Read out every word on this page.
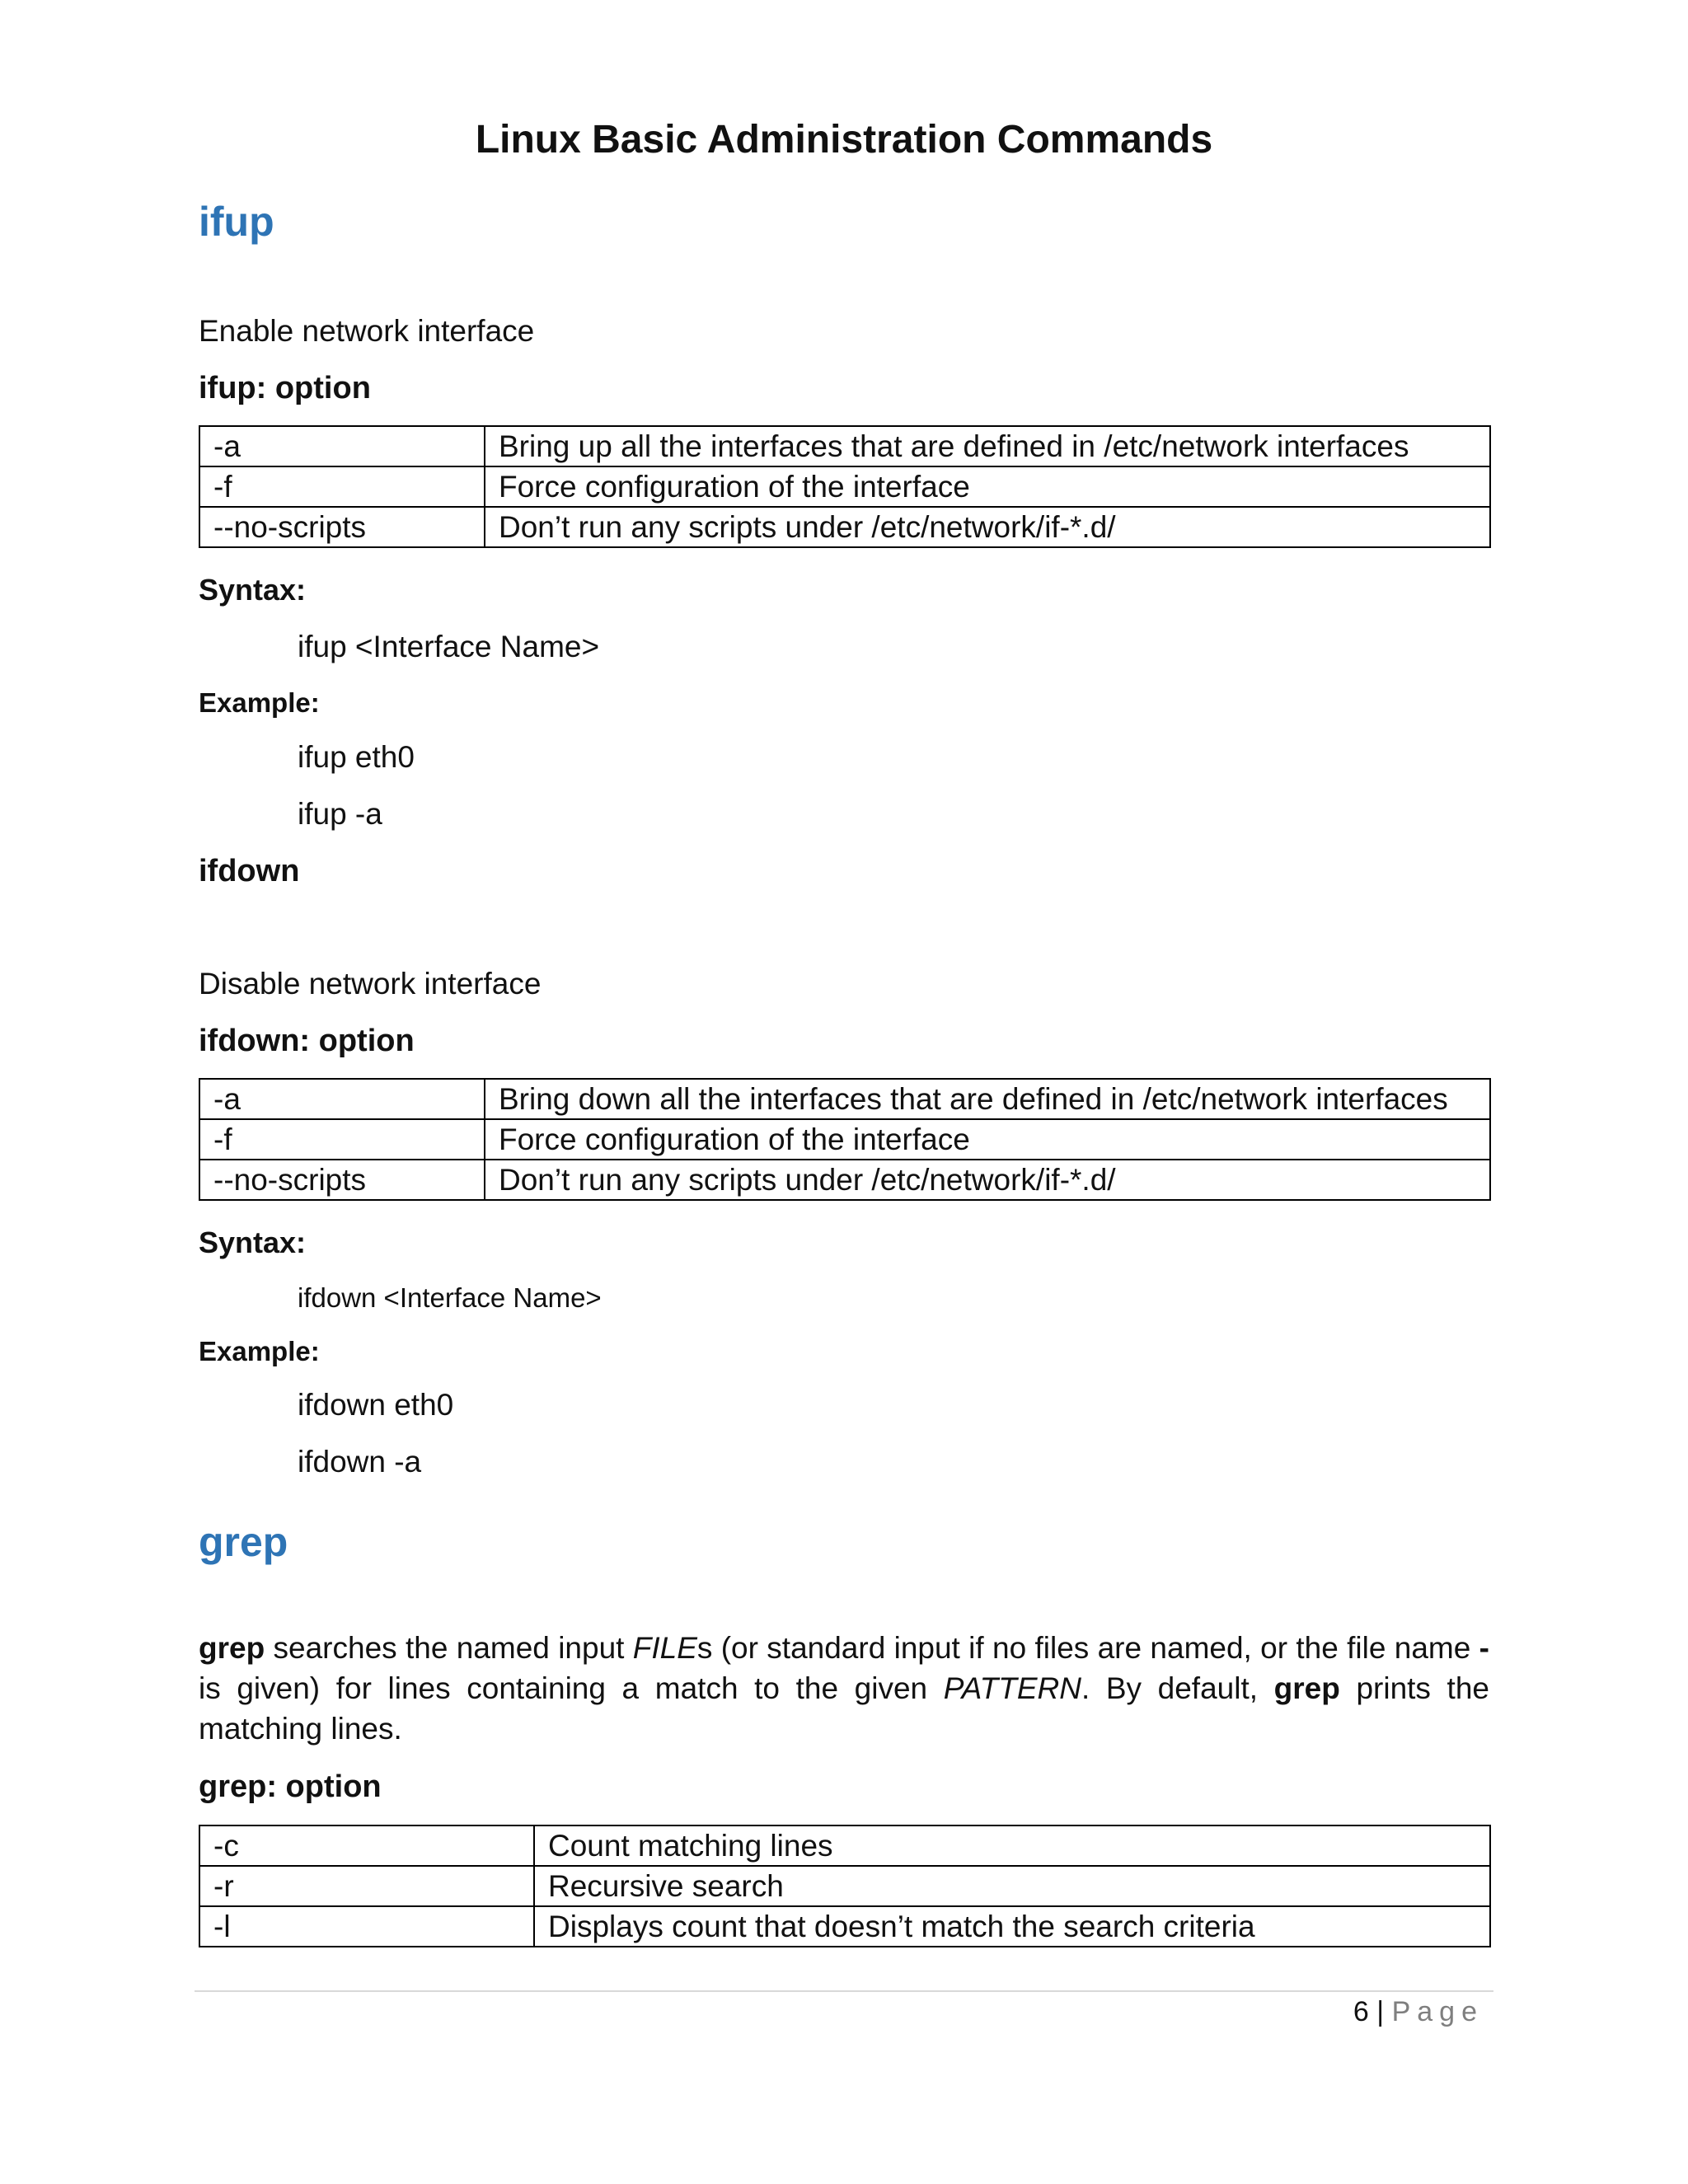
Linux Basic Administration Commands
ifup

Enable network interface

ifup: option

-a	Bring up all the interfaces that are defined in /etc/network interfaces
-f	Force configuration of the interface
--no-scripts	Don’t run any scripts under /etc/network/if-*.d/

Syntax:

ifup <Interface Name>

Example:

ifup eth0

ifup -a

ifdown

Disable network interface

ifdown: option

-a	Bring down all the interfaces that are defined in /etc/network interfaces
-f	Force configuration of the interface
--no-scripts	Don’t run any scripts under /etc/network/if-*.d/

Syntax:

ifdown <Interface Name>

Example:

ifdown eth0

ifdown -a

grep

grep searches the named input FILEs (or standard input if no files are named, or the file name - is given) for lines containing a match to the given PATTERN. By default, grep prints the matching lines.

grep: option

-c	Count matching lines
-r	Recursive search
-l	Displays count that doesn’t match the search criteria

6 | Page
